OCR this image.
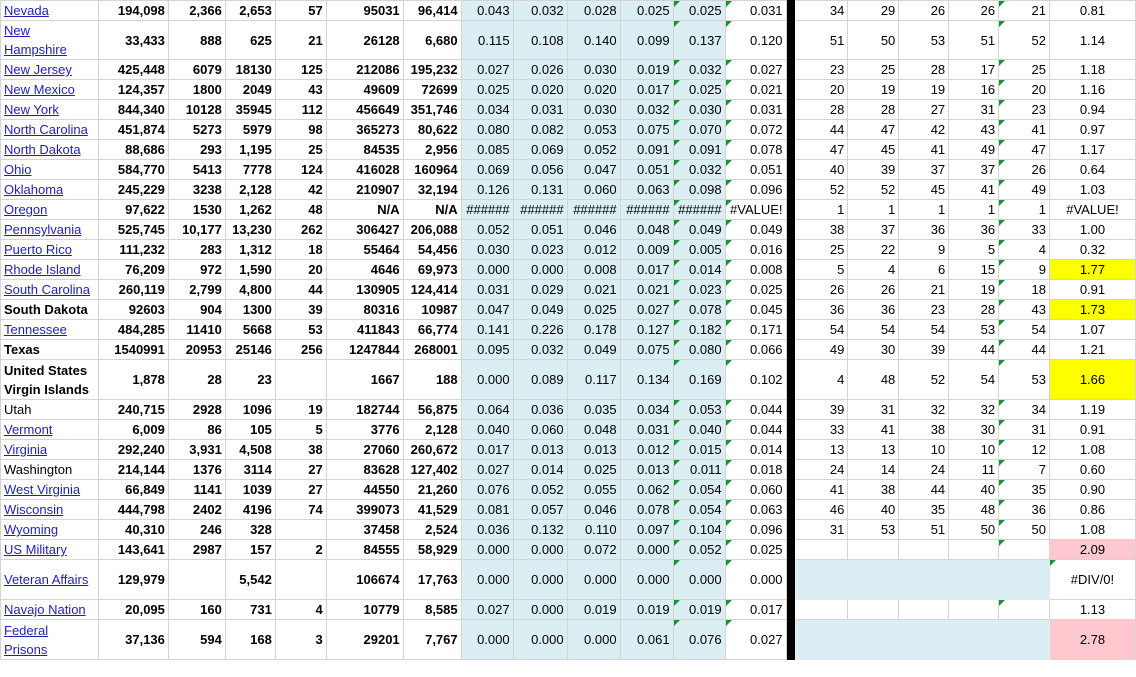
Nevada	194,098	2,366	2,653	57	95031	96,414	0.043	0.032	0.028	0.025	0.025	0.031		34	29	26	26	21	0.81
New Hampshire	33,433	888	625	21	26128	6,680	0.115	0.108	0.140	0.099	0.137	0.120		51	50	53	51	52	1.14
New Jersey	425,448	6079	18130	125	212086	195,232	0.027	0.026	0.030	0.019	0.032	0.027		23	25	28	17	25	1.18
New Mexico	124,357	1800	2049	43	49609	72699	0.025	0.020	0.020	0.017	0.025	0.021		20	19	19	16	20	1.16
New York	844,340	10128	35945	112	456649	351,746	0.034	0.031	0.030	0.032	0.030	0.031		28	28	27	31	23	0.94
North Carolina	451,874	5273	5979	98	365273	80,622	0.080	0.082	0.053	0.075	0.070	0.072		44	47	42	43	41	0.97
North Dakota	88,686	293	1,195	25	84535	2,956	0.085	0.069	0.052	0.091	0.091	0.078		47	45	41	49	47	1.17
Ohio	584,770	5413	7778	124	416028	160964	0.069	0.056	0.047	0.051	0.032	0.051		40	39	37	37	26	0.64
Oklahoma	245,229	3238	2,128	42	210907	32,194	0.126	0.131	0.060	0.063	0.098	0.096		52	52	45	41	49	1.03
Oregon	97,622	1530	1,262	48	N/A	N/A	######	######	######	######	######	#VALUE!		1	1	1	1	1	#VALUE!
Pennsylvania	525,745	10,177	13,230	262	306427	206,088	0.052	0.051	0.046	0.048	0.049	0.049		38	37	36	36	33	1.00
Puerto Rico	111,232	283	1,312	18	55464	54,456	0.030	0.023	0.012	0.009	0.005	0.016		25	22	9	5	4	0.32
Rhode Island	76,209	972	1,590	20	4646	69,973	0.000	0.000	0.008	0.017	0.014	0.008		5	4	6	15	9	1.77
South Carolina	260,119	2,799	4,800	44	130905	124,414	0.031	0.029	0.021	0.021	0.023	0.025		26	26	21	19	18	0.91
South Dakota	92603	904	1300	39	80316	10987	0.047	0.049	0.025	0.027	0.078	0.045		36	36	23	28	43	1.73
Tennessee	484,285	11410	5668	53	411843	66,774	0.141	0.226	0.178	0.127	0.182	0.171		54	54	54	53	54	1.07
Texas	1540991	20953	25146	256	1247844	268001	0.095	0.032	0.049	0.075	0.080	0.066		49	30	39	44	44	1.21
United States Virgin Islands	1,878	28	23		1667	188	0.000	0.089	0.117	0.134	0.169	0.102		4	48	52	54	53	1.66
Utah	240,715	2928	1096	19	182744	56,875	0.064	0.036	0.035	0.034	0.053	0.044		39	31	32	32	34	1.19
Vermont	6,009	86	105	5	3776	2,128	0.040	0.060	0.048	0.031	0.040	0.044		33	41	38	30	31	0.91
Virginia	292,240	3,931	4,508	38	27060	260,672	0.017	0.013	0.013	0.012	0.015	0.014		13	13	10	10	12	1.08
Washington	214,144	1376	3114	27	83628	127,402	0.027	0.014	0.025	0.013	0.011	0.018		24	14	24	11	7	0.60
West Virginia	66,849	1141	1039	27	44550	21,260	0.076	0.052	0.055	0.062	0.054	0.060		41	38	44	40	35	0.90
Wisconsin	444,798	2402	4196	74	399073	41,529	0.081	0.057	0.046	0.078	0.054	0.063		46	40	35	48	36	0.86
Wyoming	40,310	246	328		37458	2,524	0.036	0.132	0.110	0.097	0.104	0.096		31	53	51	50	50	1.08
US Military	143,641	2987	157	2	84555	58,929	0.000	0.000	0.072	0.000	0.052	0.025							2.09
Veteran Affairs	129,979		5,542		106674	17,763	0.000	0.000	0.000	0.000	0.000	0.000							#DIV/0!
Navajo Nation	20,095	160	731	4	10779	8,585	0.027	0.000	0.019	0.019	0.019	0.017							1.13
Federal Prisons	37,136	594	168	3	29201	7,767	0.000	0.000	0.000	0.061	0.076	0.027							2.78
